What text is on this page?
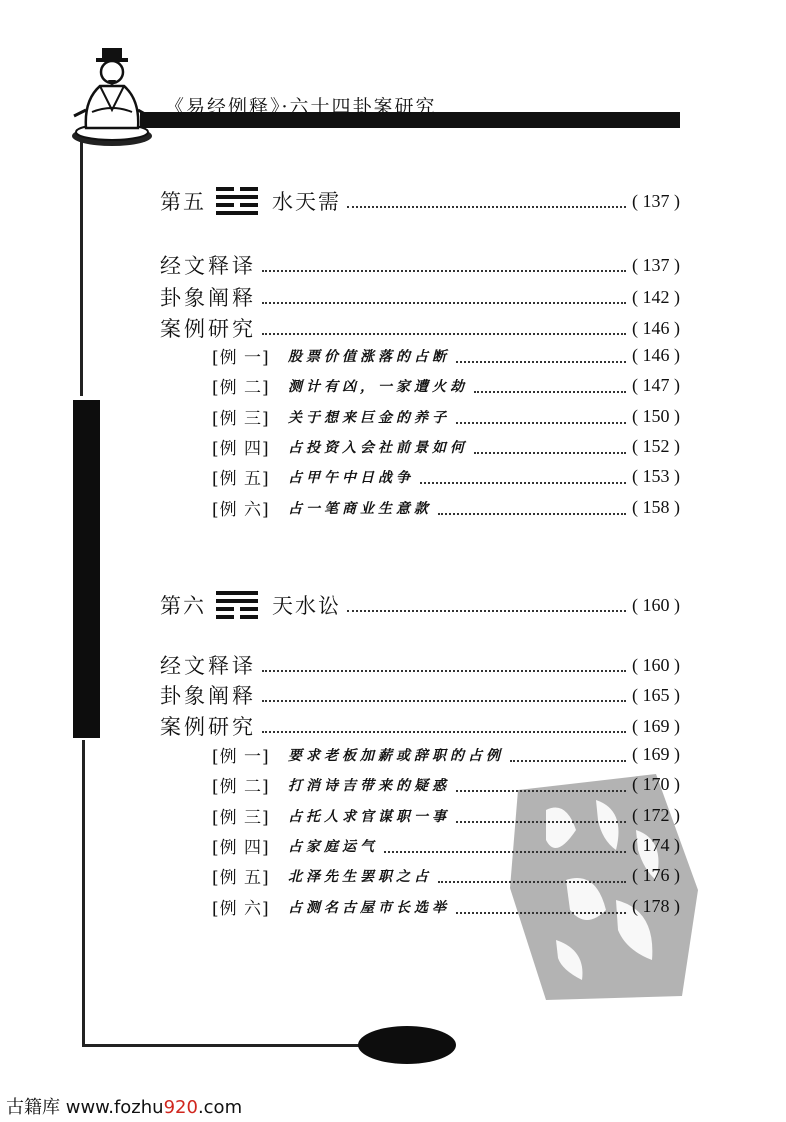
《易经例释》·六十四卦案研究
第五	水天需	( 137 )
经文释译	( 137 )
卦象阐释	( 142 )
案例研究	( 146 )
[例 一]	股票价值涨落的占断	( 146 )
[例 二]	测计有凶，一家遭火劫	( 147 )
[例 三]	关于想来巨金的养子	( 150 )
[例 四]	占投资入会社前景如何	( 152 )
[例 五]	占甲午中日战争	( 153 )
[例 六]	占一笔商业生意款	( 158 )
第六	天水讼	( 160 )
经文释译	( 160 )
卦象阐释	( 165 )
案例研究	( 169 )
[例 一]	要求老板加薪或辞职的占例	( 169 )
[例 二]	打消诗吉带来的疑惑	( 170 )
[例 三]	占托人求官谋职一事	( 172 )
[例 四]	占家庭运气	( 174 )
[例 五]	北泽先生罢职之占	( 176 )
[例 六]	占测名古屋市长选举	( 178 )
古籍库 www.fozhu920.com
